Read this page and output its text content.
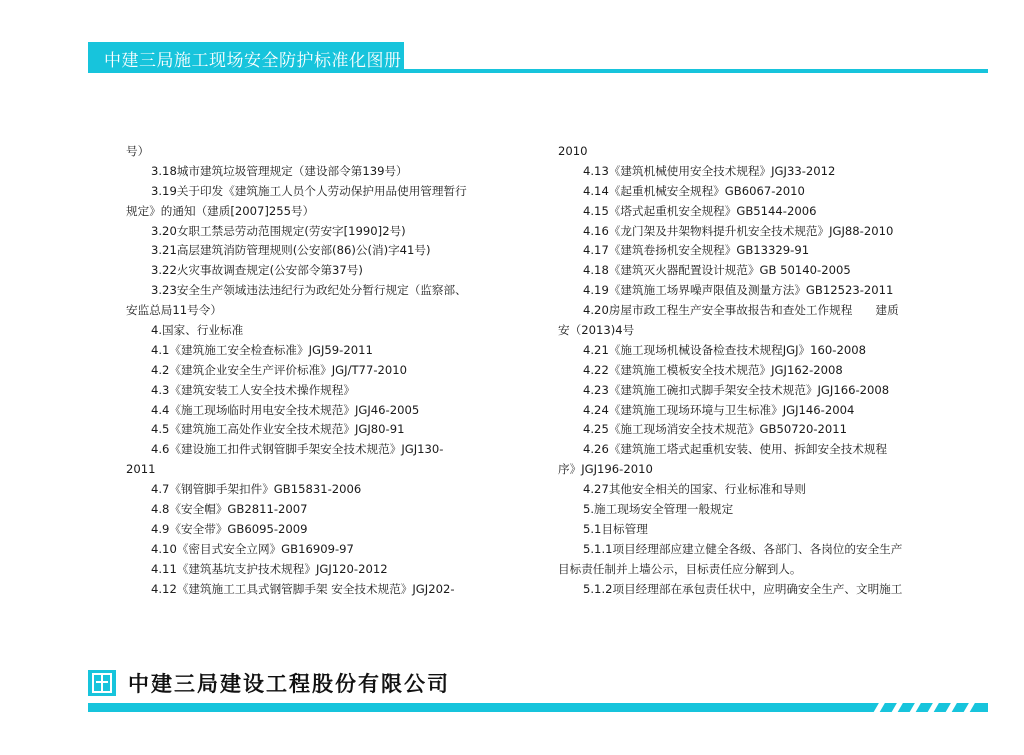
中建三局施工现场安全防护标准化图册
号）
3.18城市建筑垃圾管理规定（建设部令第139号）
3.19关于印发《建筑施工人员个人劳动保护用品使用管理暂行
规定》的通知（建质[2007]255号）
3.20女职工禁忌劳动范围规定(劳安字[1990]2号)
3.21高层建筑消防管理规则(公安部(86)公(消)字41号)
3.22火灾事故调查规定(公安部令第37号)
3.23安全生产领域违法违纪行为政纪处分暂行规定（监察部、
安监总局11号令）
4.国家、行业标准
4.1《建筑施工安全检查标准》JGJ59-2011
4.2《建筑企业安全生产评价标准》JGJ/T77-2010
4.3《建筑安装工人安全技术操作规程》
4.4《施工现场临时用电安全技术规范》JGJ46-2005
4.5《建筑施工高处作业安全技术规范》JGJ80-91
4.6《建设施工扣件式钢管脚手架安全技术规范》JGJ130-
2011
4.7《钢管脚手架扣件》GB15831-2006
4.8《安全帽》GB2811-2007
4.9《安全带》GB6095-2009
4.10《密目式安全立网》GB16909-97
4.11《建筑基坑支护技术规程》JGJ120-2012
4.12《建筑施工工具式钢管脚手架 安全技术规范》JGJ202-
2010
4.13《建筑机械使用安全技术规程》JGJ33-2012
4.14《起重机械安全规程》GB6067-2010
4.15《塔式起重机安全规程》GB5144-2006
4.16《龙门架及井架物料提升机安全技术规范》JGJ88-2010
4.17《建筑卷扬机安全规程》GB13329-91
4.18《建筑灭火器配置设计规范》GB 50140-2005
4.19《建筑施工场界噪声限值及测量方法》GB12523-2011
4.20房屋市政工程生产安全事故报告和查处工作规程　　建质
安（2013)4号
4.21《施工现场机械设备检查技术规程JGJ》160-2008
4.22《建筑施工模板安全技术规范》JGJ162-2008
4.23《建筑施工碗扣式脚手架安全技术规范》JGJ166-2008
4.24《建筑施工现场环境与卫生标准》JGJ146-2004
4.25《施工现场消安全技术规范》GB50720-2011
4.26《建筑施工塔式起重机安装、使用、拆卸安全技术规程
序》JGJ196-2010
4.27其他安全相关的国家、行业标准和导则
5.施工现场安全管理一般规定
5.1目标管理
5.1.1项目经理部应建立健全各级、各部门、各岗位的安全生产
目标责任制并上墙公示，目标责任应分解到人。
5.1.2项目经理部在承包责任状中，应明确安全生产、文明施工
中建三局建设工程股份有限公司
